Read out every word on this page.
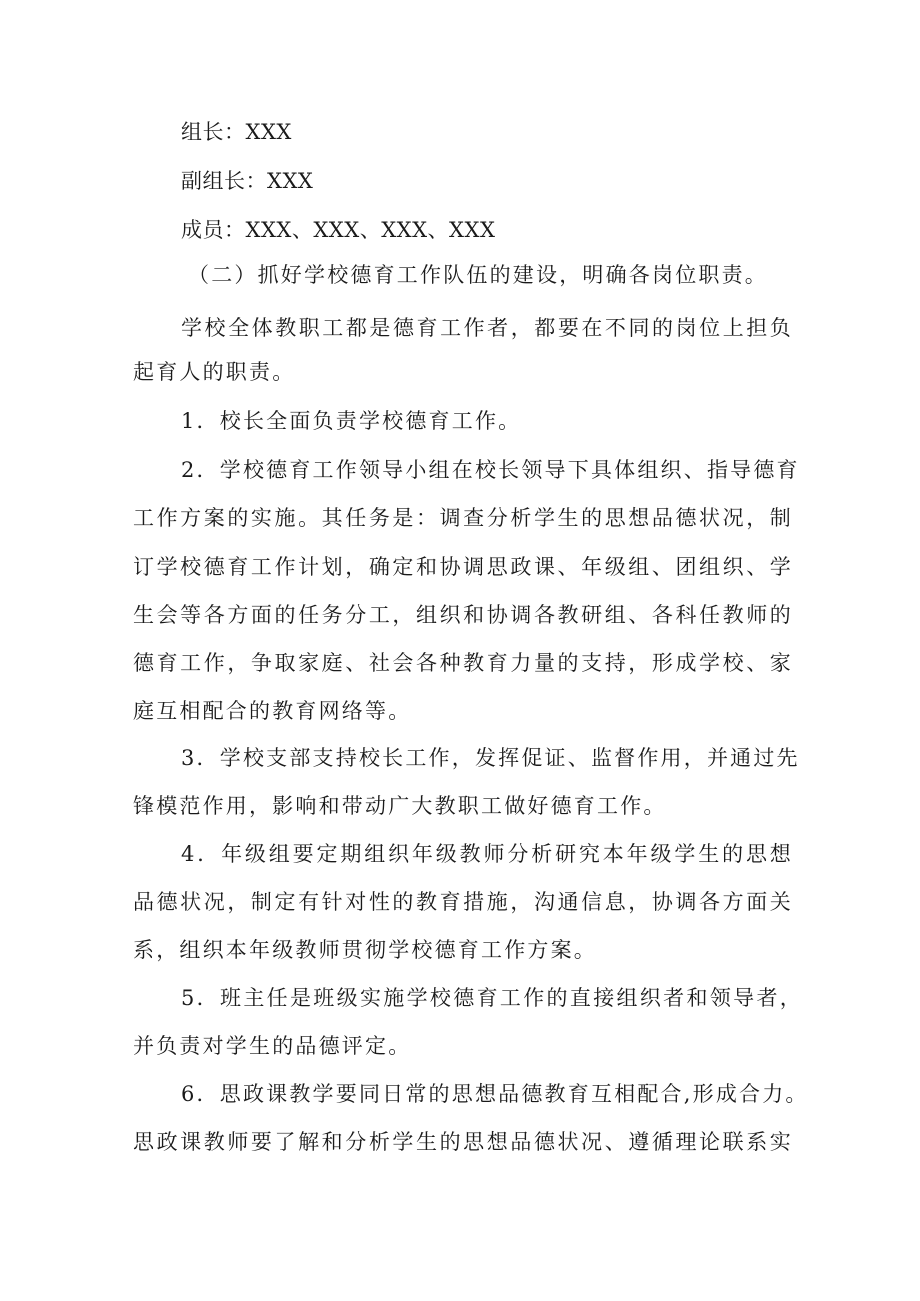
组长：XXX
副组长：XXX
成员：XXX、XXX、XXX、XXX
（二）抓好学校德育工作队伍的建设，明确各岗位职责。
学校全体教职工都是德育工作者，都要在不同的岗位上担负
起育人的职责。
1．校长全面负责学校德育工作。
2．学校德育工作领导小组在校长领导下具体组织、指导德育
工作方案的实施。其任务是：调查分析学生的思想品德状况，制
订学校德育工作计划，确定和协调思政课、年级组、团组织、学
生会等各方面的任务分工，组织和协调各教研组、各科任教师的
德育工作，争取家庭、社会各种教育力量的支持，形成学校、家
庭互相配合的教育网络等。
3．学校支部支持校长工作，发挥促证、监督作用，并通过先
锋模范作用，影响和带动广大教职工做好德育工作。
4．年级组要定期组织年级教师分析研究本年级学生的思想
品德状况，制定有针对性的教育措施，沟通信息，协调各方面关
系，组织本年级教师贯彻学校德育工作方案。
5．班主任是班级实施学校德育工作的直接组织者和领导者，
并负责对学生的品德评定。
6．思政课教学要同日常的思想品德教育互相配合,形成合力。
思政课教师要了解和分析学生的思想品德状况、遵循理论联系实
